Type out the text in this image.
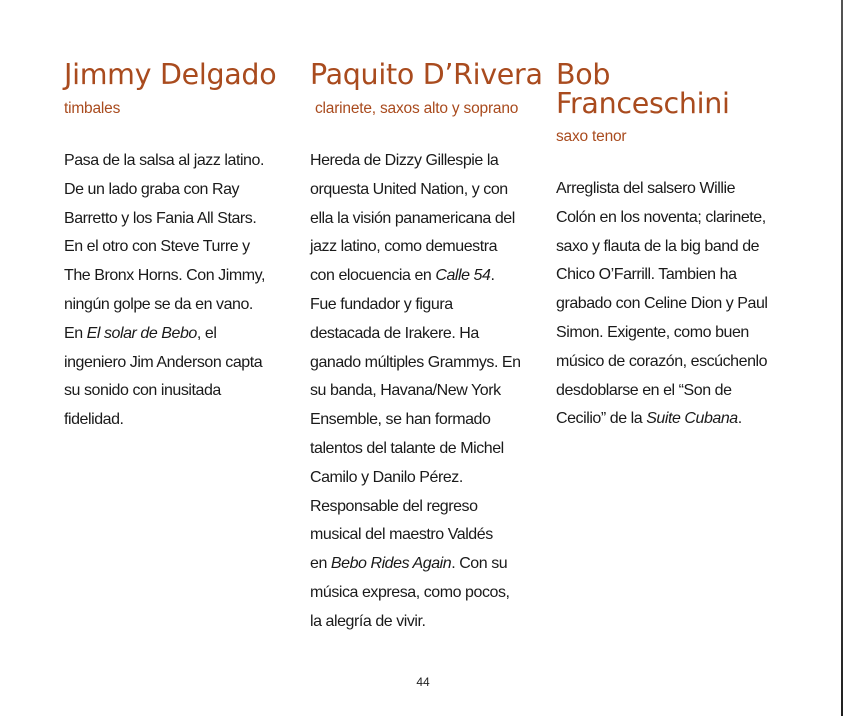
Jimmy Delgado
timbales
Pasa de la salsa al jazz latino.
De un lado graba con Ray
Barretto y los Fania All Stars.
En el otro con Steve Turre y
The Bronx Horns. Con Jimmy,
ningún golpe se da en vano.
En El solar de Bebo, el
ingeniero Jim Anderson capta
su sonido con inusitada
fidelidad.
Paquito D’Rivera
clarinete, saxos alto y soprano
Hereda de Dizzy Gillespie la
orquesta United Nation, y con
ella la visión panamericana del
jazz latino, como demuestra
con elocuencia en Calle 54.
Fue fundador y figura
destacada de Irakere. Ha
ganado múltiples Grammys. En
su banda, Havana/New York
Ensemble, se han formado
talentos del talante de Michel
Camilo y Danilo Pérez.
Responsable del regreso
musical del maestro Valdés
en Bebo Rides Again. Con su
música expresa, como pocos,
la alegría de vivir.
Bob
Franceschini
saxo tenor
Arreglista del salsero Willie
Colón en los noventa; clarinete,
saxo y flauta de la big band de
Chico O’Farrill. Tambien ha
grabado con Celine Dion y Paul
Simon. Exigente, como buen
músico de corazón, escúchenlo
desdoblarse en el “Son de
Cecilio” de la Suite Cubana.
44
